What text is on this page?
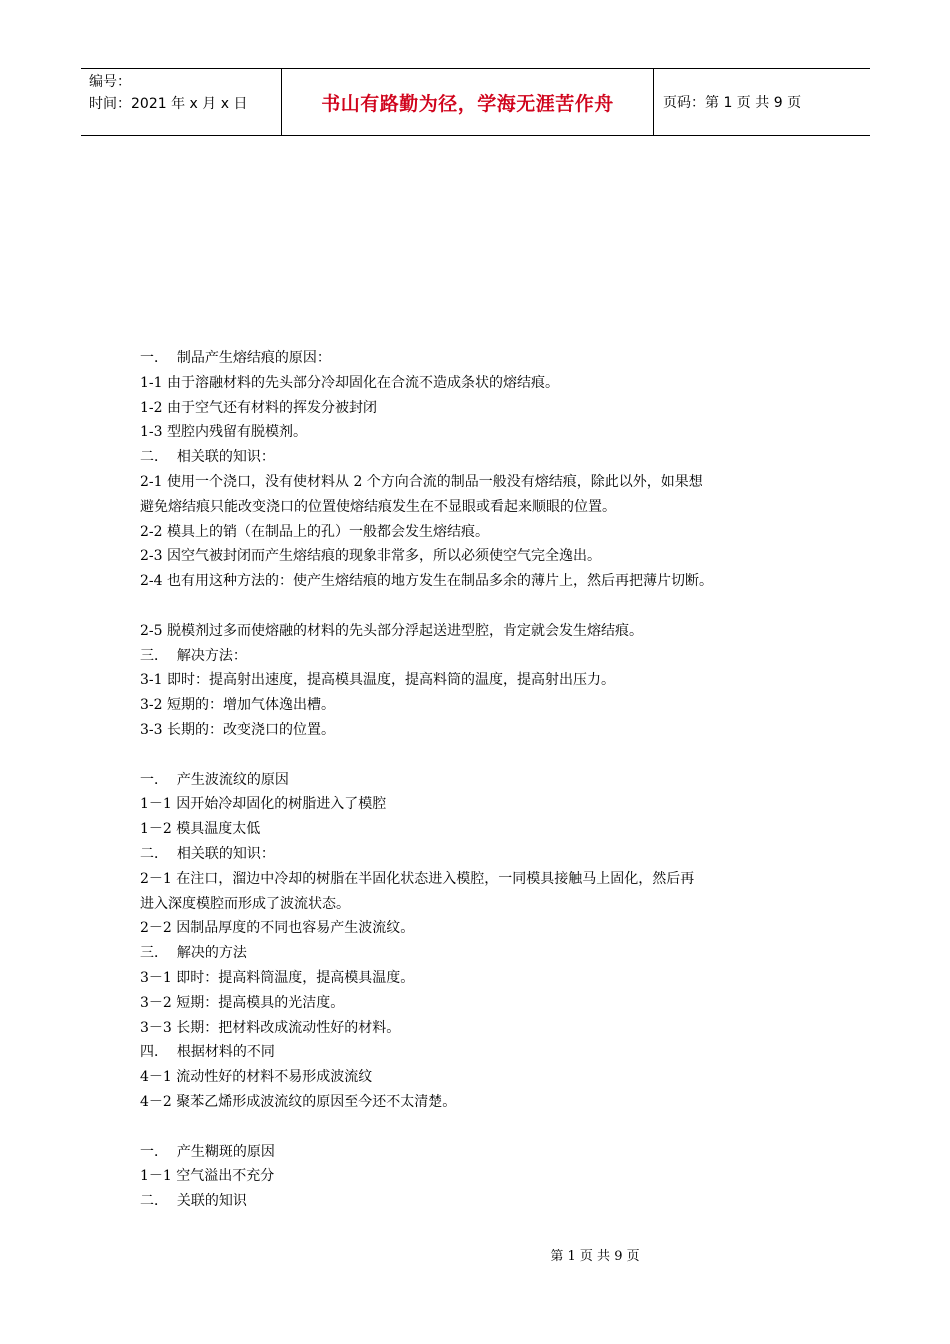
编号：
时间：2021 年 x 月 x 日	书山有路勤为径，学海无涯苦作舟	页码：第 1 页 共 9 页
一．  制品产生熔结痕的原因：
1-1 由于溶融材料的先头部分冷却固化在合流不造成条状的熔结痕。
1-2 由于空气还有材料的挥发分被封闭
1-3 型腔内残留有脱模剂。
二．  相关联的知识：
2-1 使用一个浇口，没有使材料从 2 个方向合流的制品一般没有熔结痕，除此以外，如果想
避免熔结痕只能改变浇口的位置使熔结痕发生在不显眼或看起来顺眼的位置。
2-2 模具上的销（在制品上的孔）一般都会发生熔结痕。
2-3 因空气被封闭而产生熔结痕的现象非常多，所以必须使空气完全逸出。
2-4 也有用这种方法的：使产生熔结痕的地方发生在制品多余的薄片上，然后再把薄片切断。
2-5 脱模剂过多而使熔融的材料的先头部分浮起送进型腔，肯定就会发生熔结痕。
三．  解决方法：
3-1 即时：提高射出速度，提高模具温度，提高料筒的温度，提高射出压力。
3-2 短期的：增加气体逸出槽。
3-3 长期的：改变浇口的位置。
一．  产生波流纹的原因
1－1 因开始冷却固化的树脂进入了模腔
1－2 模具温度太低
二．  相关联的知识：
2－1 在注口，溜边中冷却的树脂在半固化状态进入模腔，一同模具接触马上固化，然后再
进入深度模腔而形成了波流状态。
2－2 因制品厚度的不同也容易产生波流纹。
三．  解决的方法
3－1 即时：提高料筒温度，提高模具温度。
3－2 短期：提高模具的光洁度。
3－3 长期：把材料改成流动性好的材料。
四．  根据材料的不同
4－1 流动性好的材料不易形成波流纹
4－2 聚苯乙烯形成波流纹的原因至今还不太清楚。
一．  产生糊斑的原因
1－1 空气溢出不充分
二．  关联的知识
第 1 页 共 9 页
